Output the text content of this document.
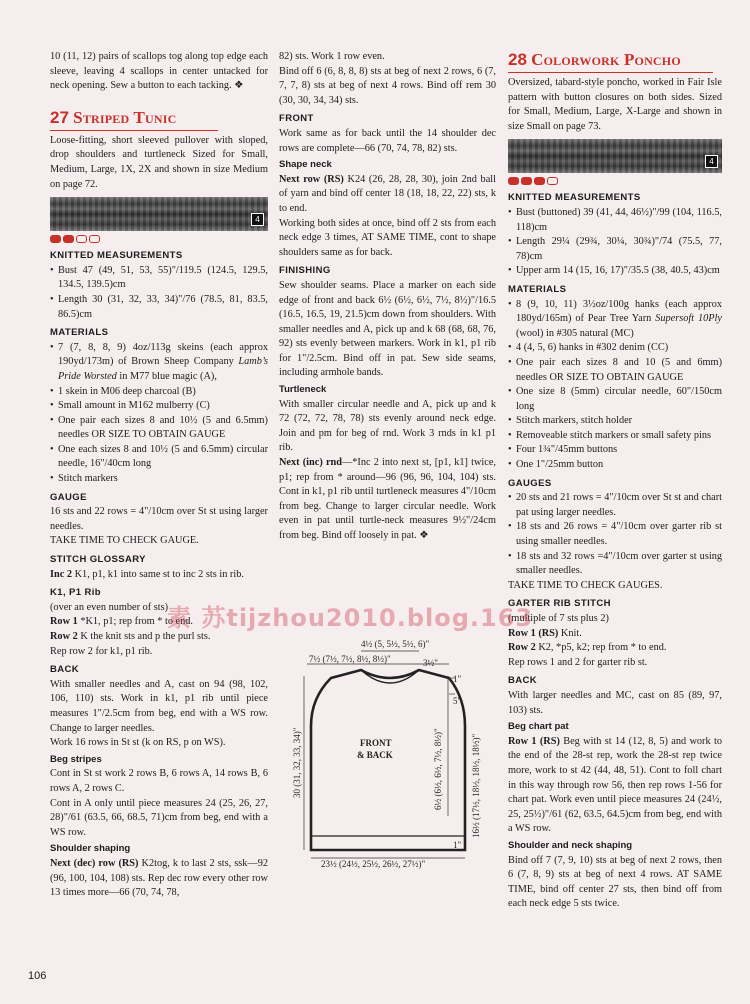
10 (11, 12) pairs of scallops tog along top edge each sleeve, leaving 4 scallops in center untacked for neck opening. Sew a button to each tacking. ❖

27 Striped Tunic

Loose-fitting, short sleeved pullover with sloped, drop shoulders and turtleneck Sized for Small, Medium, Large, 1X, 2X and shown in size Medium on page 72.

4
KNITTED MEASUREMENTS
• Bust 47 (49, 51, 53, 55)"/119.5 (124.5, 129.5, 134.5, 139.5)cm
• Length 30 (31, 32, 33, 34)"/76 (78.5, 81, 83.5, 86.5)cm
MATERIALS
• 7 (7, 8, 8, 9) 4oz/113g skeins (each approx 190yd/173m) of Brown Sheep Company Lamb’s Pride Worsted in M77 blue magic (A),
• 1 skein in M06 deep charcoal (B)
• Small amount in M162 mulberry (C)
• One pair each sizes 8 and 10½ (5 and 6.5mm) needles OR SIZE TO OBTAIN GAUGE
• One each sizes 8 and 10½ (5 and 6.5mm) circular needle, 16"/40cm long
• Stitch markers
GAUGE

16 sts and 22 rows = 4"/10cm over St st using larger needles.

TAKE TIME TO CHECK GAUGE.

STITCH GLOSSARY

Inc 2 K1, p1, k1 into same st to inc 2 sts in rib.

K1, P1 Rib

(over an even number of sts)

Row 1 *K1, p1; rep from * to end.

Row 2 K the knit sts and p the purl sts.

Rep row 2 for k1, p1 rib.

BACK

With smaller needles and A, cast on 94 (98, 102, 106, 110) sts. Work in k1, p1 rib until piece measures 1"/2.5cm from beg, end with a WS row. Change to larger needles.

Work 16 rows in St st (k on RS, p on WS).

Beg stripes

Cont in St st work 2 rows B, 6 rows A, 14 rows B, 6 rows A, 2 rows C.

Cont in A only until piece measures 24 (25, 26, 27, 28)"/61 (63.5, 66, 68.5, 71)cm from beg, end with a WS row.

Shoulder shaping

Next (dec) row (RS) K2tog, k to last 2 sts, ssk—92 (96, 100, 104, 108) sts. Rep dec row every other row 13 times more—66 (70, 74, 78,

82) sts. Work 1 row even.

Bind off 6 (6, 8, 8, 8) sts at beg of next 2 rows, 6 (7, 7, 7, 8) sts at beg of next 4 rows. Bind off rem 30 (30, 30, 34, 34) sts.

FRONT

Work same as for back until the 14 shoulder dec rows are complete—66 (70, 74, 78, 82) sts.

Shape neck

Next row (RS) K24 (26, 28, 28, 30), join 2nd ball of yarn and bind off center 18 (18, 18, 22, 22) sts, k to end.

Working both sides at once, bind off 2 sts from each neck edge 3 times, AT SAME TIME, cont to shape shoulders same as for back.

FINISHING

Sew shoulder seams. Place a marker on each side edge of front and back 6½ (6½, 6½, 7½, 8½)"/16.5 (16.5, 16.5, 19, 21.5)cm down from shoulders. With smaller needles and A, pick up and k 68 (68, 68, 76, 92) sts evenly between markers. Work in k1, p1 rib for 1"/2.5cm. Bind off in pat. Sew side seams, including armhole bands.

Turtleneck

With smaller circular needle and A, pick up and k 72 (72, 72, 78, 78) sts evenly around neck edge. Join and pm for beg of rnd. Work 3 rnds in k1 p1 rib.

Next (inc) rnd—*Inc 2 into next st, [p1, k1] twice, p1; rep from * around—96 (96, 96, 104, 104) sts. Cont in k1, p1 rib until turtleneck measures 4"/10cm from beg. Change to larger circular needle. Work even in pat until turtle-neck measures 9½"/24cm from beg. Bind off loosely in pat. ❖

4½ (5, 5½, 5½, 6)"
7½ (7½, 7½, 8½, 8½)"	3½"
FRONT
& BACK
1"
5"
1"
30 (31, 32, 33, 34)"	6½ (6½, 6½, 7½, 8½)"	16½ (17½, 18½, 18½, 18½)"
23½ (24½, 25½, 26½, 27½)"
28 Colorwork Poncho

Oversized, tabard-style poncho, worked in Fair Isle pattern with button closures on both sides. Sized for Small, Medium, Large, X-Large and shown in size Small on page 73.

4
KNITTED MEASUREMENTS
• Bust (buttoned) 39 (41, 44, 46½)"/99 (104, 116.5, 118)cm
• Length 29¼ (29¾, 30¼, 30¾)"/74 (75.5, 77, 78)cm
• Upper arm 14 (15, 16, 17)"/35.5 (38, 40.5, 43)cm
MATERIALS
• 8 (9, 10, 11) 3½oz/100g hanks (each approx 180yd/165m) of Pear Tree Yarn Supersoft 10Ply (wool) in #305 natural (MC)
• 4 (4, 5, 6) hanks in #302 denim (CC)
• One pair each sizes 8 and 10 (5 and 6mm) needles OR SIZE TO OBTAIN GAUGE
• One size 8 (5mm) circular needle, 60"/150cm long
• Stitch markers, stitch holder
• Removeable stitch markers or small safety pins
• Four 1¾"/45mm buttons
• One 1"/25mm button
GAUGES
• 20 sts and 21 rows = 4"/10cm over St st and chart pat using larger needles.
• 18 sts and 26 rows = 4"/10cm over garter rib st using smaller needles.
• 18 sts and 32 rows =4"/10cm over garter st using smaller needles.

TAKE TIME TO CHECK GAUGES.

GARTER RIB STITCH

(multiple of 7 sts plus 2)

Row 1 (RS) Knit.

Row 2 K2, *p5, k2; rep from * to end.

Rep rows 1 and 2 for garter rib st.

BACK

With larger needles and MC, cast on 85 (89, 97, 103) sts.

Beg chart pat

Row 1 (RS) Beg with st 14 (12, 8, 5) and work to the end of the 28-st rep, work the 28-st rep twice more, work to st 42 (44, 48, 51). Cont to foll chart in this way through row 56, then rep rows 1-56 for chart pat. Work even until piece measures 24 (24½, 25, 25½)"/61 (62, 63.5, 64.5)cm from beg, end with a WS row.

Shoulder and neck shaping

Bind off 7 (7, 9, 10) sts at beg of next 2 rows, then 6 (7, 8, 9) sts at beg of next 4 rows. AT SAME TIME, bind off center 27 sts, then bind off from each neck edge 5 sts twice.

素 苏tijzhou2010.blog.163
106
